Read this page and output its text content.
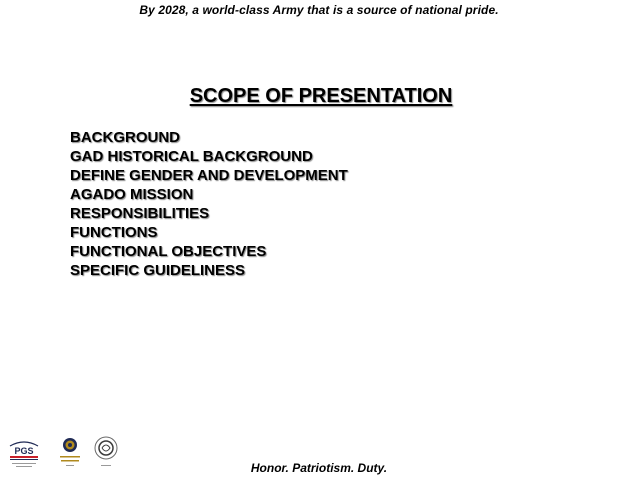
By 2028, a world-class Army that is a source of national pride.
SCOPE OF PRESENTATION
BACKGROUND
GAD HISTORICAL BACKGROUND
DEFINE GENDER AND DEVELOPMENT
AGADO MISSION
RESPONSIBILITIES
FUNCTIONS
FUNCTIONAL OBJECTIVES
SPECIFIC GUIDELINESS
PGS
Honor. Patriotism. Duty.
